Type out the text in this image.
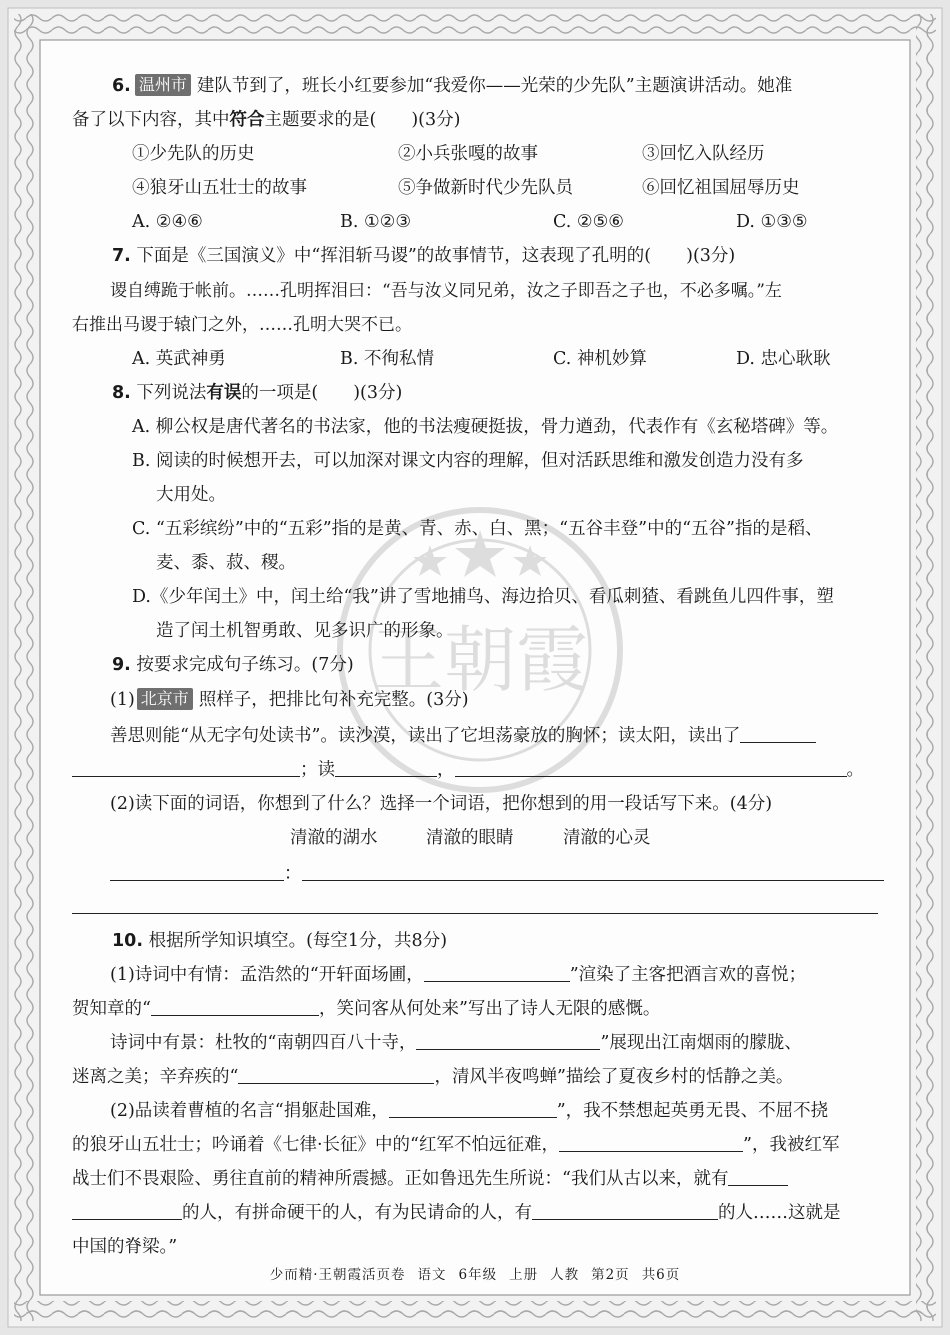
王朝霞
6. 温州市 建队节到了，班长小红要参加“我爱你——光荣的少先队”主题演讲活动。她准
备了以下内容，其中符合主题要求的是(　　)(3分)
①少先队的历史	②小兵张嘎的故事	③回忆入队经历
④狼牙山五壮士的故事	⑤争做新时代少先队员	⑥回忆祖国屈辱历史
A. ②④⑥	B. ①②③	C. ②⑤⑥	D. ①③⑤
7. 下面是《三国演义》中“挥泪斩马谡”的故事情节，这表现了孔明的(　　)(3分)
谡自缚跪于帐前。……孔明挥泪曰：“吾与汝义同兄弟，汝之子即吾之子也，不必多嘱。”左
右推出马谡于辕门之外，……孔明大哭不已。
A. 英武神勇	B. 不徇私情	C. 神机妙算	D. 忠心耿耿
8. 下列说法有误的一项是(　　)(3分)
A. 柳公权是唐代著名的书法家，他的书法瘦硬挺拔，骨力遒劲，代表作有《玄秘塔碑》等。
B. 阅读的时候想开去，可以加深对课文内容的理解，但对活跃思维和激发创造力没有多
大用处。
C. “五彩缤纷”中的“五彩”指的是黄、青、赤、白、黑；“五谷丰登”中的“五谷”指的是稻、
麦、黍、菽、稷。
D.《少年闰土》中，闰土给“我”讲了雪地捕鸟、海边拾贝、看瓜刺猹、看跳鱼儿四件事，塑
造了闰土机智勇敢、见多识广的形象。
9. 按要求完成句子练习。(7分)
(1) 北京市 照样子，把排比句补充完整。(3分)
善思则能“从无字句处读书”。读沙漠，读出了它坦荡豪放的胸怀；读太阳，读出了
；读	，	。
(2)读下面的词语，你想到了什么？选择一个词语，把你想到的用一段话写下来。(4分)
清澈的湖水	清澈的眼睛	清澈的心灵
：
10. 根据所学知识填空。(每空1分，共8分)
(1)诗词中有情：孟浩然的“开轩面场圃，	”渲染了主客把酒言欢的喜悦；
贺知章的“	，笑问客从何处来”写出了诗人无限的感慨。
诗词中有景：杜牧的“南朝四百八十寺，	”展现出江南烟雨的朦胧、
迷离之美；辛弃疾的“	，清风半夜鸣蝉”描绘了夏夜乡村的恬静之美。
(2)品读着曹植的名言“捐躯赴国难，	”，我不禁想起英勇无畏、不屈不挠
的狼牙山五壮士；吟诵着《七律·长征》中的“红军不怕远征难，	”，我被红军
战士们不畏艰险、勇往直前的精神所震撼。正如鲁迅先生所说：“我们从古以来，就有
的人，有拼命硬干的人，有为民请命的人，有	的人……这就是
中国的脊梁。”
少而精·王朝霞活页卷 语文 6年级 上册 人教 第2页 共6页
